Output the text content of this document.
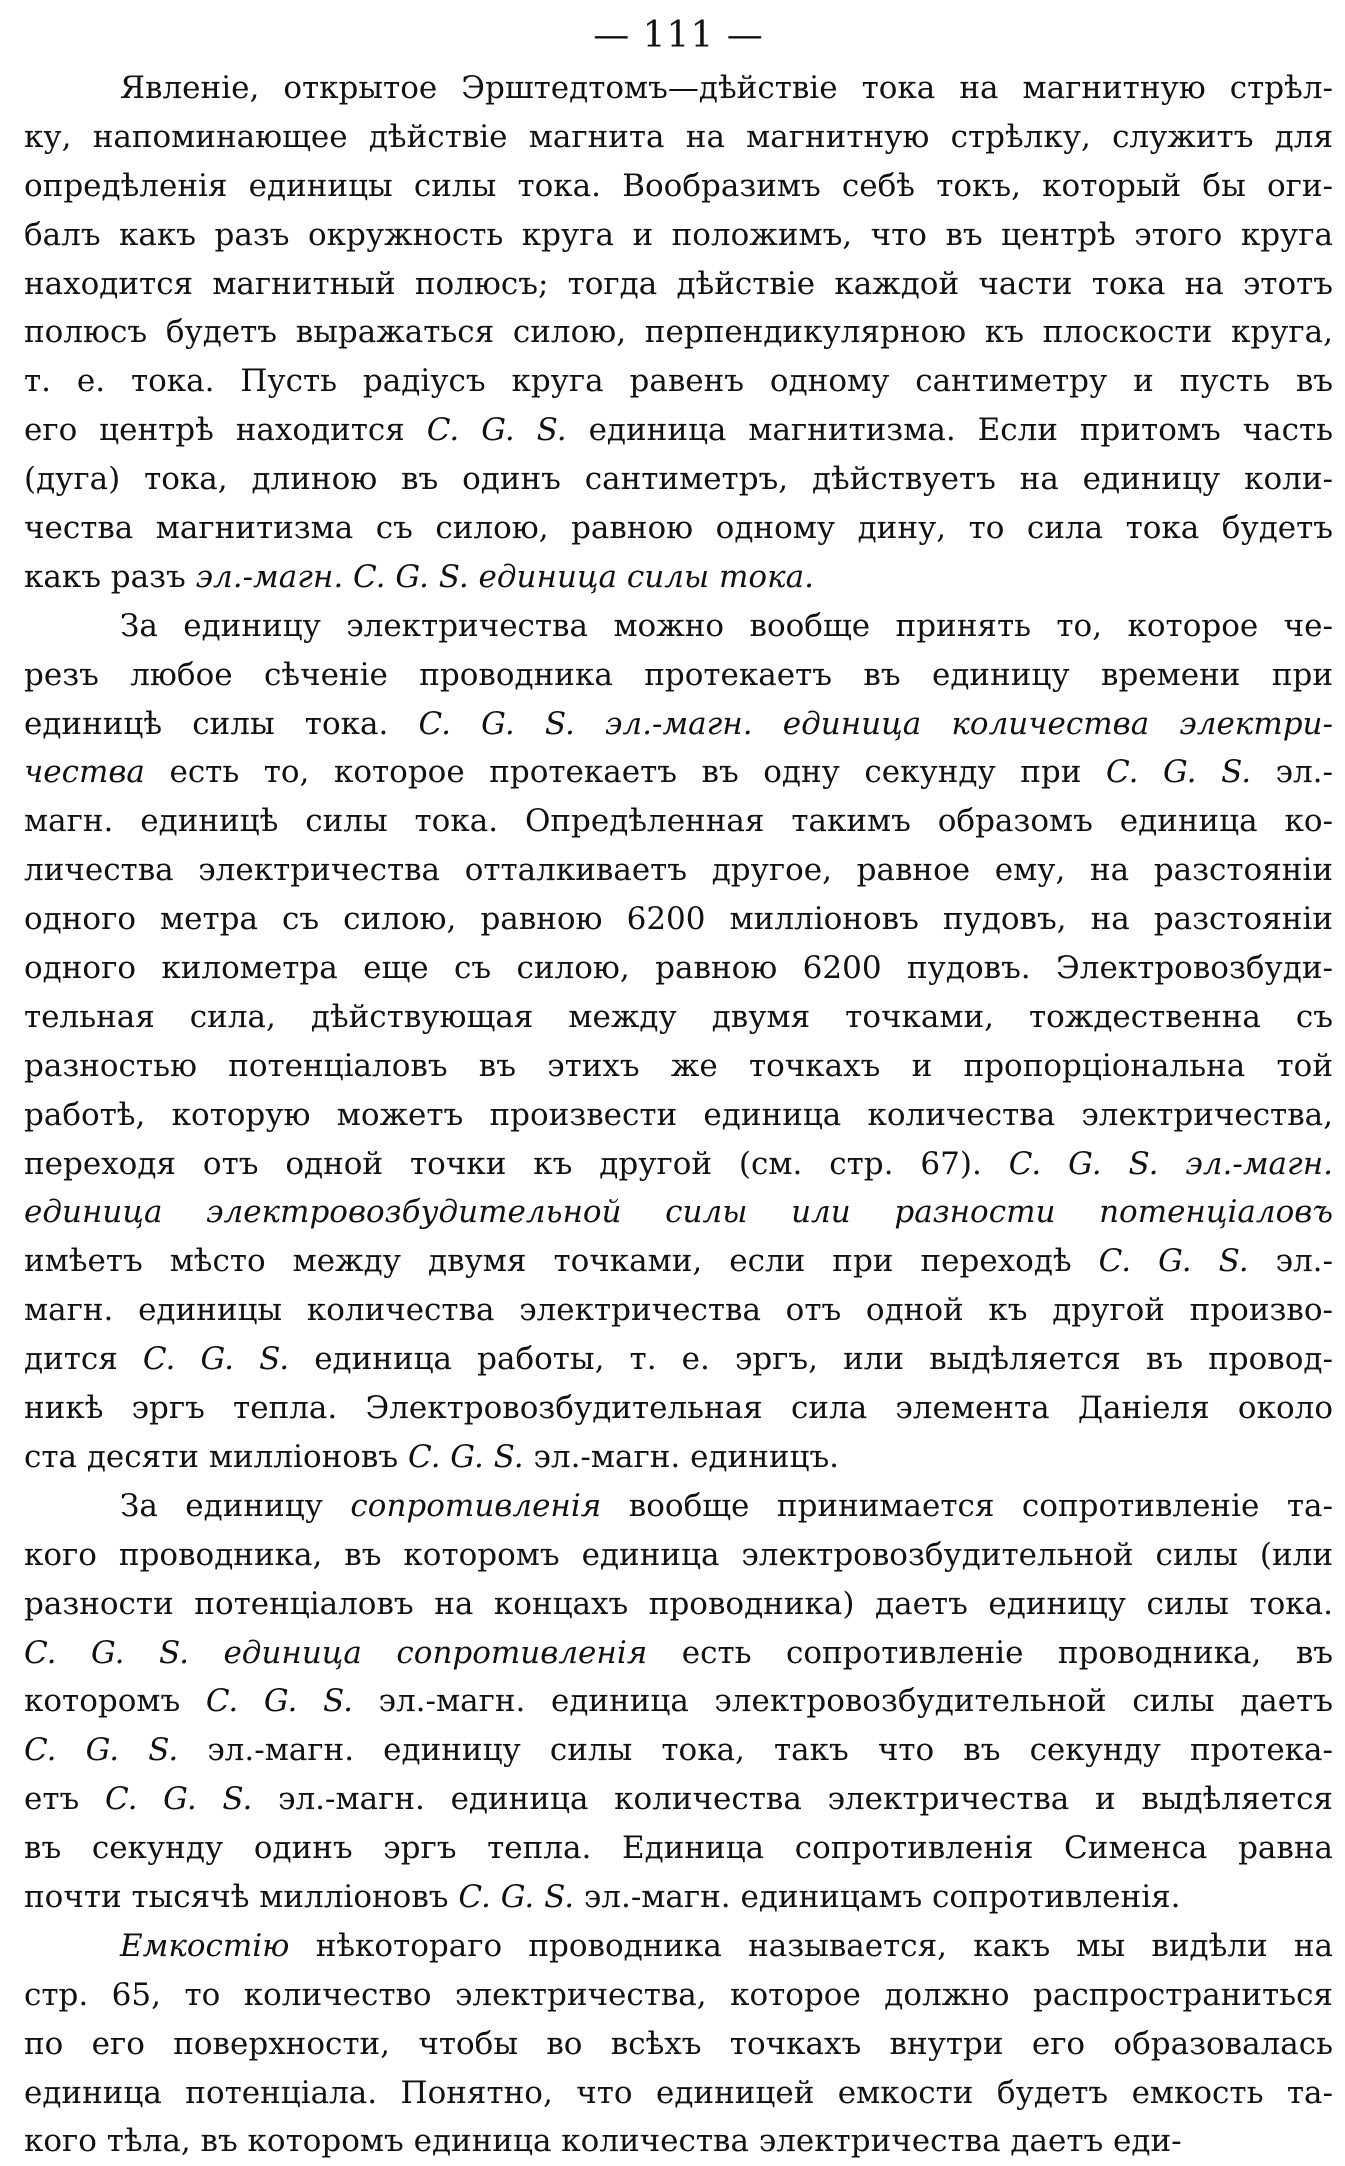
— 111 —
Явленіе, открытое Эрштедтомъ—дѣйствіе тока на магнитную стрѣл-
ку, напоминающее дѣйствіе магнита на магнитную стрѣлку, служитъ для
опредѣленія единицы силы тока. Вообразимъ себѣ токъ, который бы оги-
балъ какъ разъ окружность круга и положимъ, что въ центрѣ этого круга
находится магнитный полюсъ; тогда дѣйствіе каждой части тока на этотъ
полюсъ будетъ выражаться силою, перпендикулярною къ плоскости круга,
т. е. тока. Пусть радіусъ круга равенъ одному сантиметру и пусть въ
его центрѣ находится C. G. S. единица магнитизма. Если притомъ часть
(дуга) тока, длиною въ одинъ сантиметръ, дѣйствуетъ на единицу коли-
чества магнитизма съ силою, равною одному дину, то сила тока будетъ
какъ разъ эл.-магн. C. G. S. единица силы тока.
За единицу электричества можно вообще принять то, которое че-
резъ любое сѣченіе проводника протекаетъ въ единицу времени при
единицѣ силы тока. C. G. S. эл.-магн. единица количества электри-
чества есть то, которое протекаетъ въ одну секунду при C. G. S. эл.-
магн. единицѣ силы тока. Опредѣленная такимъ образомъ единица ко-
личества электричества отталкиваетъ другое, равное ему, на разстояніи
одного метра съ силою, равною 6200 милліоновъ пудовъ, на разстояніи
одного километра еще съ силою, равною 6200 пудовъ. Электровозбуди-
тельная сила, дѣйствующая между двумя точками, тождественна съ
разностью потенціаловъ въ этихъ же точкахъ и пропорціональна той
работѣ, которую можетъ произвести единица количества электричества,
переходя отъ одной точки къ другой (см. стр. 67). C. G. S. эл.-магн.
единица электровозбудительной силы или разности потенціаловъ
имѣетъ мѣсто между двумя точками, если при переходѣ C. G. S. эл.-
магн. единицы количества электричества отъ одной къ другой произво-
дится C. G. S. единица работы, т. е. эргъ, или выдѣляется въ провод-
никѣ эргъ тепла. Электровозбудительная сила элемента Даніеля около
ста десяти милліоновъ C. G. S. эл.-магн. единицъ.
За единицу сопротивленія вообще принимается сопротивленіе та-
кого проводника, въ которомъ единица электровозбудительной силы (или
разности потенціаловъ на концахъ проводника) даетъ единицу силы тока.
C. G. S. единица сопротивленія есть сопротивленіе проводника, въ
которомъ C. G. S. эл.-магн. единица электровозбудительной силы даетъ
C. G. S. эл.-магн. единицу силы тока, такъ что въ секунду протека-
етъ C. G. S. эл.-магн. единица количества электричества и выдѣляется
въ секунду одинъ эргъ тепла. Единица сопротивленія Сименса равна
почти тысячѣ милліоновъ C. G. S. эл.-магн. единицамъ сопротивленія.
Емкостію нѣкотораго проводника называется, какъ мы видѣли на
стр. 65, то количество электричества, которое должно распространиться
по его поверхности, чтобы во всѣхъ точкахъ внутри его образовалась
единица потенціала. Понятно, что единицей емкости будетъ емкость та-
кого тѣла, въ которомъ единица количества электричества даетъ еди-
